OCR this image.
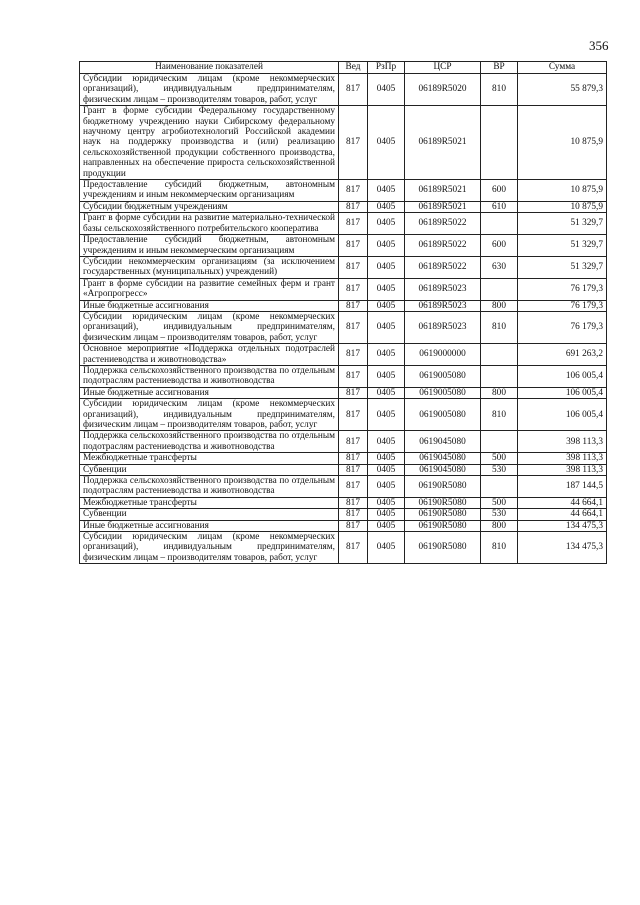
356
Наименование показателей	Вед	РзПр	ЦСР	ВР	Сумма
Субсидии юридическим лицам (кроме некоммерческих организаций), индивидуальным предпринимателям, физическим лицам – производителям товаров, работ, услуг	817	0405	06189R5020	810	55 879,3
Грант в форме субсидии Федеральному государственному бюджетному учреждению науки Сибирскому федеральному научному центру агробиотехнологий Российской академии наук на поддержку производства и (или) реализацию сельскохозяйственной продукции собственного производства, направленных на обеспечение прироста сельскохозяйственной продукции	817	0405	06189R5021		10 875,9
Предоставление субсидий бюджетным, автономным учреждениям и иным некоммерческим организациям	817	0405	06189R5021	600	10 875,9
Субсидии бюджетным учреждениям	817	0405	06189R5021	610	10 875,9
Грант в форме субсидии на развитие материально-технической базы сельскохозяйственного потребительского кооператива	817	0405	06189R5022		51 329,7
Предоставление субсидий бюджетным, автономным учреждениям и иным некоммерческим организациям	817	0405	06189R5022	600	51 329,7
Субсидии некоммерческим организациям (за исключением государственных (муниципальных) учреждений)	817	0405	06189R5022	630	51 329,7
Грант в форме субсидии на развитие семейных ферм и грант «Агропрогресс»	817	0405	06189R5023		76 179,3
Иные бюджетные ассигнования	817	0405	06189R5023	800	76 179,3
Субсидии юридическим лицам (кроме некоммерческих организаций), индивидуальным предпринимателям, физическим лицам – производителям товаров, работ, услуг	817	0405	06189R5023	810	76 179,3
Основное мероприятие «Поддержка отдельных подотраслей растениеводства и животноводства»	817	0405	0619000000		691 263,2
Поддержка сельскохозяйственного производства по отдельным подотраслям растениеводства и животноводства	817	0405	0619005080		106 005,4
Иные бюджетные ассигнования	817	0405	0619005080	800	106 005,4
Субсидии юридическим лицам (кроме некоммерческих организаций), индивидуальным предпринимателям, физическим лицам – производителям товаров, работ, услуг	817	0405	0619005080	810	106 005,4
Поддержка сельскохозяйственного производства по отдельным подотраслям растениеводства и животноводства	817	0405	0619045080		398 113,3
Межбюджетные трансферты	817	0405	0619045080	500	398 113,3
Субвенции	817	0405	0619045080	530	398 113,3
Поддержка сельскохозяйственного производства по отдельным подотраслям растениеводства и животноводства	817	0405	06190R5080		187 144,5
Межбюджетные трансферты	817	0405	06190R5080	500	44 664,1
Субвенции	817	0405	06190R5080	530	44 664,1
Иные бюджетные ассигнования	817	0405	06190R5080	800	134 475,3
Субсидии юридическим лицам (кроме некоммерческих организаций), индивидуальным предпринимателям, физическим лицам – производителям товаров, работ, услуг	817	0405	06190R5080	810	134 475,3
